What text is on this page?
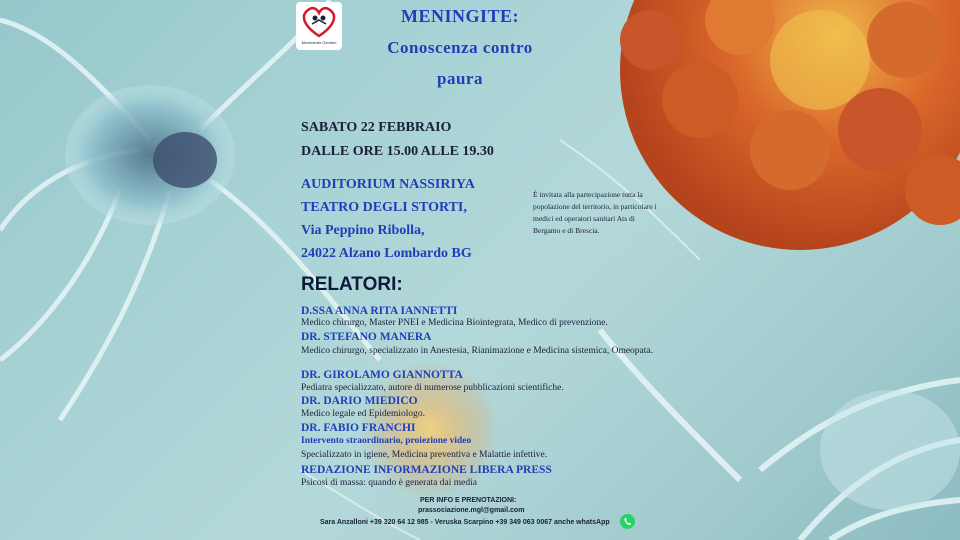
Movimento Genitori
MENINGITE:
Conoscenza contro
paura
SABATO 22 FEBBRAIO
DALLE ORE 15.00 ALLE 19.30
AUDITORIUM NASSIRIYA
TEATRO DEGLI STORTI,
Via Peppino Ribolla,
24022 Alzano Lombardo BG
È invitata alla partecipazione tutta la popolazione del territorio, in particolare i medici ed operatori sanitari Ats di Bergamo e di Brescia.
RELATORI:
D.SSA ANNA RITA IANNETTI
Medico chirurgo, Master PNEI e Medicina Biointegrata, Medico di prevenzione.
DR. STEFANO MANERA
Medico chirurgo, specializzato in Anestesia, Rianimazione e Medicina sistemica, Omeopata.
DR. GIROLAMO GIANNOTTA
Pediatra specializzato, autore di numerose pubblicazioni scientifiche.
DR. DARIO MIEDICO
Medico legale ed Epidemiologo.
DR. FABIO FRANCHI
Intervento straordinario, proiezione video
Specializzato in igiene, Medicina preventiva e Malattie infettive.
REDAZIONE INFORMAZIONE LIBERA PRESS
Psicosi di massa: quando è generata dai media
PER INFO E PRENOTAZIONI:
prassociazione.mgl@gmail.com
Sara Anzalloni +39 320 64 12 985 - Veruska Scarpino +39 349 063 0067 anche whatsApp
